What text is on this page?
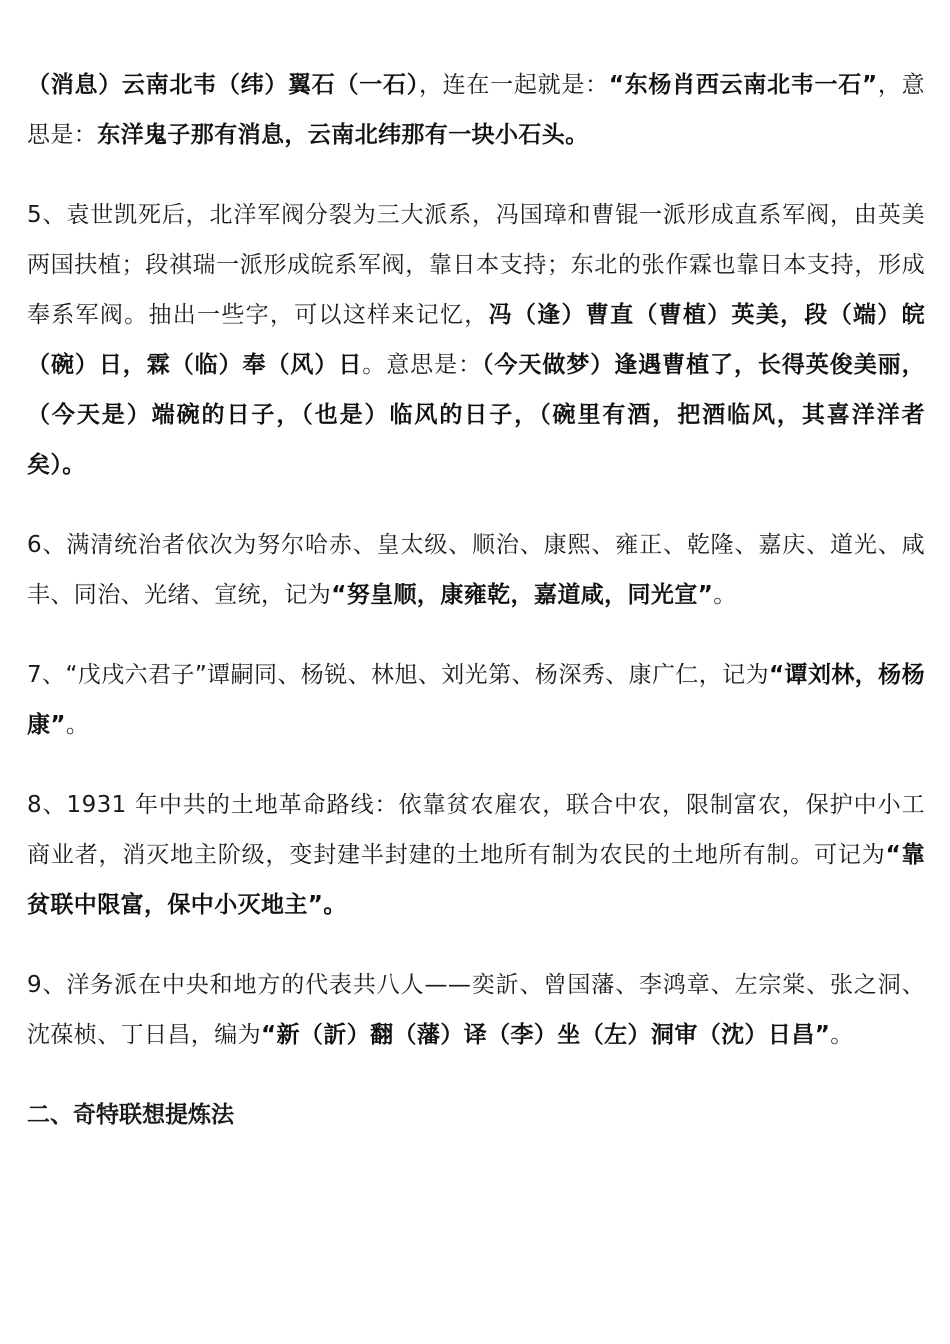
（消息）云南北韦（纬）翼石（一石），连在一起就是：“东杨肖西云南北韦一石”，意思是：东洋鬼子那有消息，云南北纬那有一块小石头。

5、袁世凯死后，北洋军阀分裂为三大派系，冯国璋和曹锟一派形成直系军阀，由英美两国扶植；段祺瑞一派形成皖系军阀，靠日本支持；东北的张作霖也靠日本支持，形成奉系军阀。抽出一些字，可以这样来记忆，冯（逢）曹直（曹植）英美，段（端）皖（碗）日，霖（临）奉（风）日。意思是：（今天做梦）逢遇曹植了，长得英俊美丽，（今天是）端碗的日子，（也是）临风的日子，（碗里有酒，把酒临风，其喜洋洋者矣）。

6、满清统治者依次为努尔哈赤、皇太级、顺治、康熙、雍正、乾隆、嘉庆、道光、咸丰、同治、光绪、宣统，记为“努皇顺，康雍乾，嘉道咸，同光宣”。

7、“戊戌六君子”谭嗣同、杨锐、林旭、刘光第、杨深秀、康广仁，记为“谭刘林，杨杨康”。

8、1931 年中共的土地革命路线：依靠贫农雇农，联合中农，限制富农，保护中小工商业者，消灭地主阶级，变封建半封建的土地所有制为农民的土地所有制。可记为“靠贫联中限富，保中小灭地主”。

9、洋务派在中央和地方的代表共八人——奕訢、曾国藩、李鸿章、左宗棠、张之洞、沈葆桢、丁日昌，编为“新（訢）翻（藩）译（李）坐（左）洞审（沈）日昌”。

二、奇特联想提炼法
